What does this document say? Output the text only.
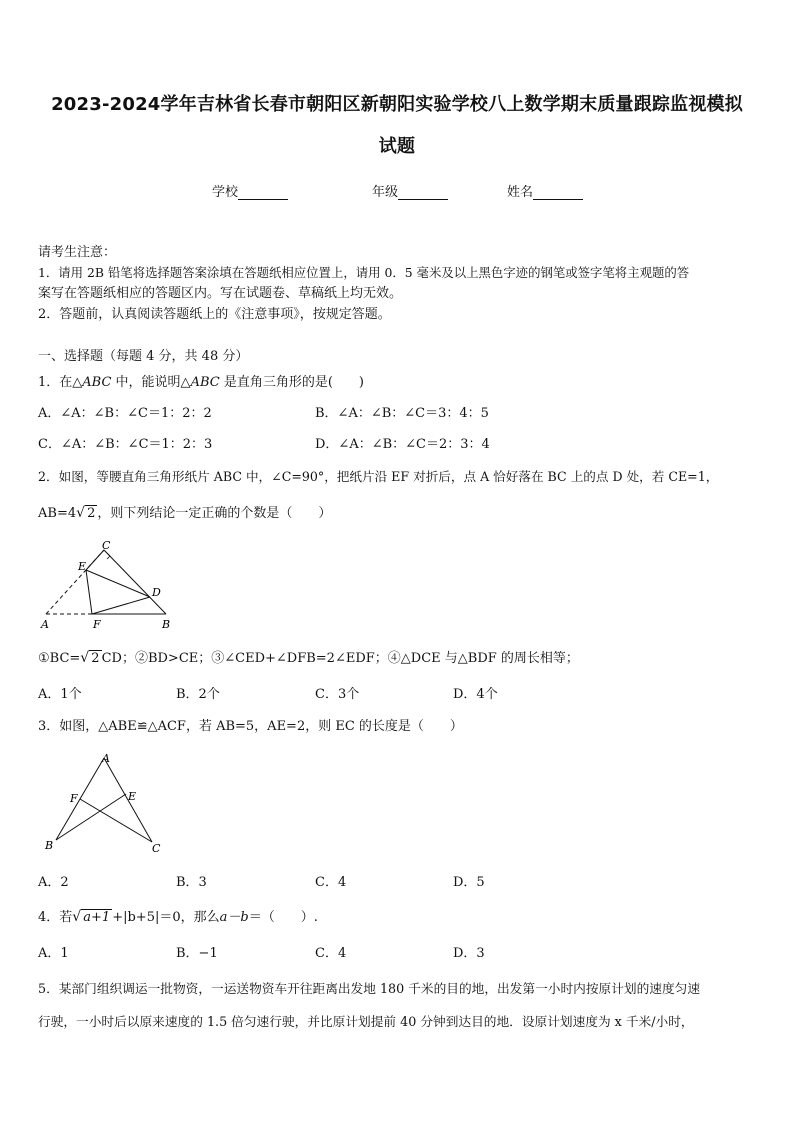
2023-2024学年吉林省长春市朝阳区新朝阳实验学校八上数学期末质量跟踪监视模拟
试题
学校	年级	姓名
请考生注意：
1．请用 2B 铅笔将选择题答案涂填在答题纸相应位置上，请用 0．5 毫米及以上黑色字迹的钢笔或签字笔将主观题的答
案写在答题纸相应的答题区内。写在试题卷、草稿纸上均无效。
2．答题前，认真阅读答题纸上的《注意事项》，按规定答题。
一、选择题（每题 4 分，共 48 分）
1．在△ABC 中，能说明△ABC 是直角三角形的是(　　)
A．∠A：∠B：∠C＝1：2：2	B．∠A：∠B：∠C＝3：4：5
C．∠A：∠B：∠C＝1：2：3	D．∠A：∠B：∠C＝2：3：4
2．如图，等腰直角三角形纸片 ABC 中，∠C=90°，把纸片沿 EF 对折后，点 A 恰好落在 BC 上的点 D 处，若 CE=1，
AB=4 √ 2 ，则下列结论一定正确的个数是（　　）
C
E
D
A	F	B
①BC= √ 2 CD；②BD>CE；③∠CED+∠DFB=2∠EDF；④△DCE 与△BDF 的周长相等；
A．1个	B．2个	C．3个	D．4个
3．如图，△ABE≌△ACF，若 AB=5，AE=2，则 EC 的长度是（　　）
A
F	E
B	C
A．2	B．3	C．4	D．5
4．若 √ a+1 +|b+5|＝0，那么a－b＝（　　）.
A．1	B．−1	C．4	D．3
5．某部门组织调运一批物资，一运送物资车开往距离出发地 180 千米的目的地，出发第一小时内按原计划的速度匀速
行驶，一小时后以原来速度的 1.5 倍匀速行驶，并比原计划提前 40 分钟到达目的地．设原计划速度为 x 千米/小时，
